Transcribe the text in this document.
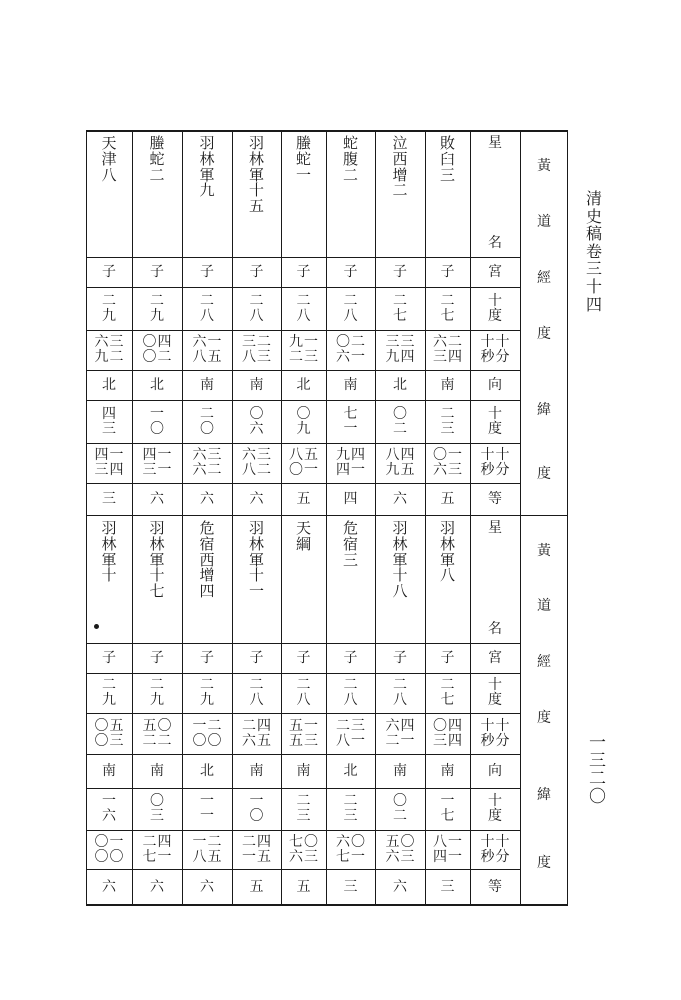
清
史
稿
卷
三
十
四
一
三
二
〇
天
津
八
子
二
九
六
九
三
二
北
四
三
四
三
一
四
三
螣
蛇
二
子
二
九
〇
〇
四
二
北
一
〇
四
三
一
一
六
羽
林
軍
九
子
二
八
六
八
一
五
南
二
〇
六
六
三
二
六
羽
林
軍
十
五
子
二
八
三
八
二
三
南
〇
六
六
八
三
二
六
螣
蛇
一
子
二
八
九
二
一
三
北
〇
九
八
〇
五
一
五
蛇
腹
二
子
二
八
〇
六
二
一
南
七
一
九
四
四
一
四
泣
西
增
二
子
二
七
三
九
三
四
北
〇
二
八
九
四
五
六
敗
臼
三
子
二
七
六
三
二
四
南
二
三
〇
六
一
三
五
星
名
宮
十
度
十
秒
十
分
向
十
度
十
秒
十
分
等
黃
道
經
度
緯
度
羽
林
軍
十
子
二
九
〇
〇
五
三
南
一
六
〇
〇
一
〇
六
羽
林
軍
十
七
子
二
九
五
二
〇
二
南
〇
三
二
七
四
一
六
危
宿
西
增
四
子
二
九
一
〇
二
〇
北
一
一
一
八
二
五
六
羽
林
軍
十
一
子
二
八
二
六
四
五
南
一
〇
二
一
四
五
五
天
綱
子
二
八
五
五
一
三
南
二
三
七
六
〇
三
五
危
宿
三
子
二
八
二
八
三
一
北
二
三
六
七
〇
一
三
羽
林
軍
十
八
子
二
八
六
二
四
一
南
〇
二
五
六
〇
三
六
羽
林
軍
八
子
二
七
〇
三
四
四
南
一
七
八
四
一
一
三
星
名
宮
十
度
十
秒
十
分
向
十
度
十
秒
十
分
等
黃
道
經
度
緯
度
